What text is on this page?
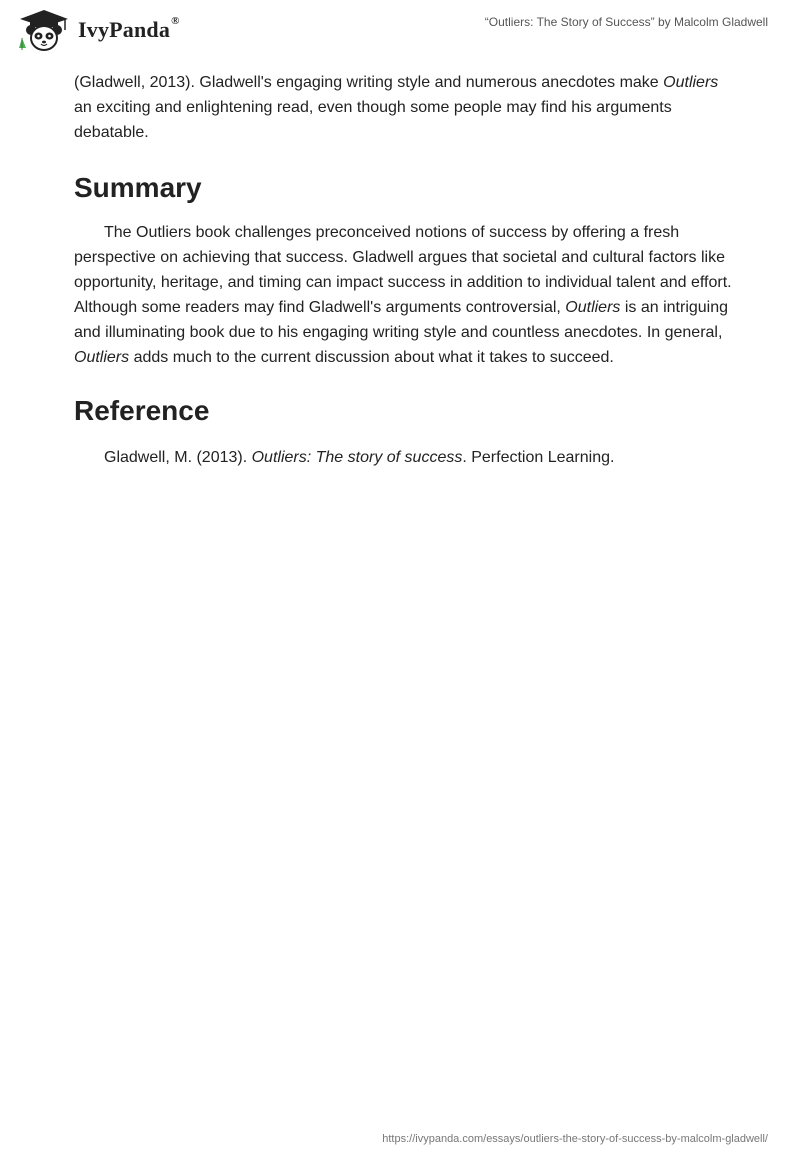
IvyPanda®	“Outliers: The Story of Success” by Malcolm Gladwell

(Gladwell, 2013). Gladwell's engaging writing style and numerous anecdotes make Outliers an exciting and enlightening read, even though some people may find his arguments debatable.

Summary

The Outliers book challenges preconceived notions of success by offering a fresh perspective on achieving that success. Gladwell argues that societal and cultural factors like opportunity, heritage, and timing can impact success in addition to individual talent and effort. Although some readers may find Gladwell's arguments controversial, Outliers is an intriguing and illuminating book due to his engaging writing style and countless anecdotes. In general, Outliers adds much to the current discussion about what it takes to succeed.

Reference

Gladwell, M. (2013). Outliers: The story of success. Perfection Learning.

https://ivypanda.com/essays/outliers-the-story-of-success-by-malcolm-gladwell/
